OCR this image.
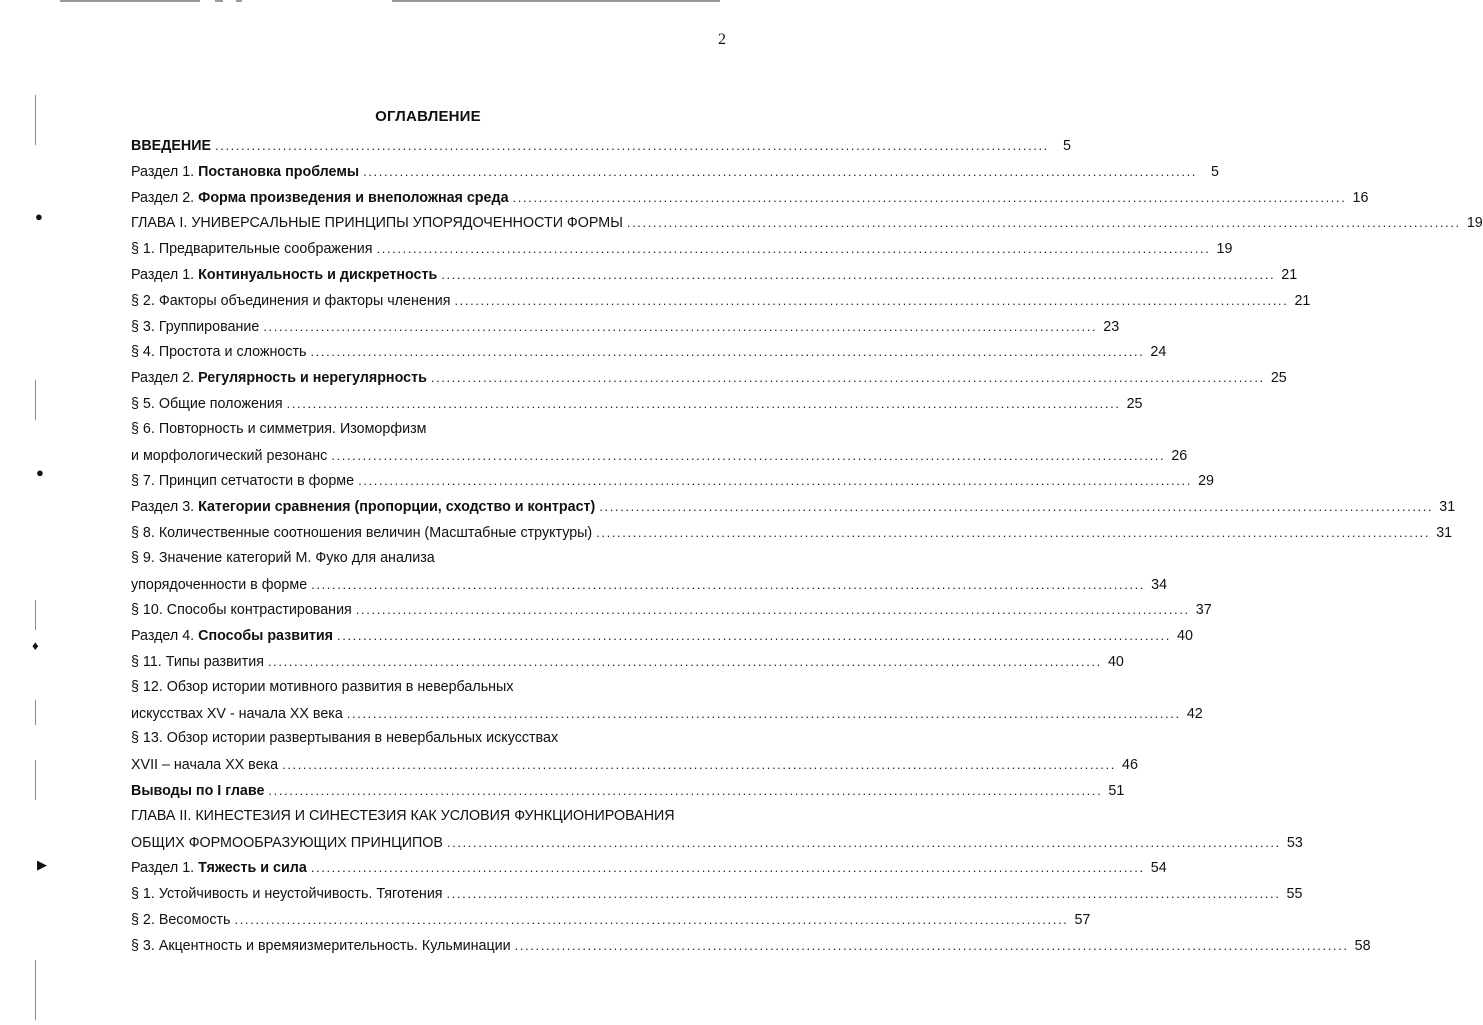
●
●
♦
▶
2
ОГЛАВЛЕНИЕ
ВВЕДЕНИЕ ................................................................................................................................................................ 5
Раздел 1. Постановка проблемы ................................................................................................................................................................ 5
Раздел 2. Форма произведения и внеположная среда ................................................................................................................................................................ 16
ГЛАВА I. УНИВЕРСАЛЬНЫЕ ПРИНЦИПЫ УПОРЯДОЧЕННОСТИ ФОРМЫ ................................................................................................................................................................ 19
§ 1. Предварительные соображения ................................................................................................................................................................ 19
Раздел 1. Континуальность и дискретность ................................................................................................................................................................ 21
§ 2. Факторы объединения и факторы членения ................................................................................................................................................................ 21
§ 3. Группирование ................................................................................................................................................................ 23
§ 4. Простота и сложность ................................................................................................................................................................ 24
Раздел 2. Регулярность и нерегулярность ................................................................................................................................................................ 25
§ 5. Общие положения ................................................................................................................................................................ 25
§ 6. Повторность и симметрия. Изоморфизм
и морфологический резонанс ................................................................................................................................................................ 26
§ 7. Принцип сетчатости в форме ................................................................................................................................................................ 29
Раздел 3. Категории сравнения (пропорции, сходство и контраст) ................................................................................................................................................................ 31
§ 8. Количественные соотношения величин (Масштабные структуры) ................................................................................................................................................................ 31
§ 9. Значение категорий М. Фуко для анализа
упорядоченности в форме ................................................................................................................................................................ 34
§ 10. Способы контрастирования ................................................................................................................................................................ 37
Раздел 4. Способы развития ................................................................................................................................................................ 40
§ 11. Типы развития ................................................................................................................................................................ 40
§ 12. Обзор истории мотивного развития в невербальных
искусствах XV - начала XX века ................................................................................................................................................................ 42
§ 13. Обзор истории развертывания в невербальных искусствах
XVII – начала XX века ................................................................................................................................................................ 46
Выводы по I главе ................................................................................................................................................................ 51
ГЛАВА II. КИНЕСТЕЗИЯ И СИНЕСТЕЗИЯ КАК УСЛОВИЯ ФУНКЦИОНИРОВАНИЯ
ОБЩИХ ФОРМООБРАЗУЮЩИХ ПРИНЦИПОВ ................................................................................................................................................................ 53
Раздел 1. Тяжесть и сила ................................................................................................................................................................ 54
§ 1. Устойчивость и неустойчивость. Тяготения ................................................................................................................................................................ 55
§ 2. Весомость ................................................................................................................................................................ 57
§ 3. Акцентность и времяизмерительность. Кульминации ................................................................................................................................................................ 58
